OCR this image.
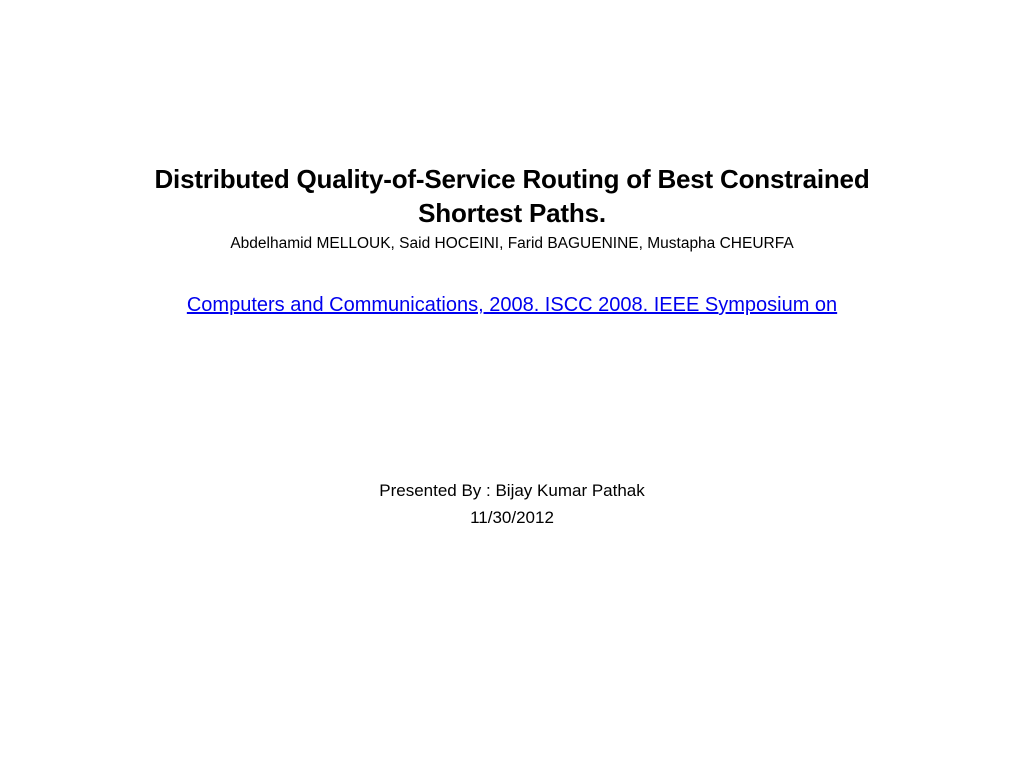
Distributed Quality-of-Service Routing of Best Constrained
Shortest Paths.

Abdelhamid MELLOUK, Said HOCEINI, Farid BAGUENINE, Mustapha CHEURFA

Computers and Communications, 2008. ISCC 2008. IEEE Symposium on

Presented By : Bijay Kumar Pathak

11/30/2012
